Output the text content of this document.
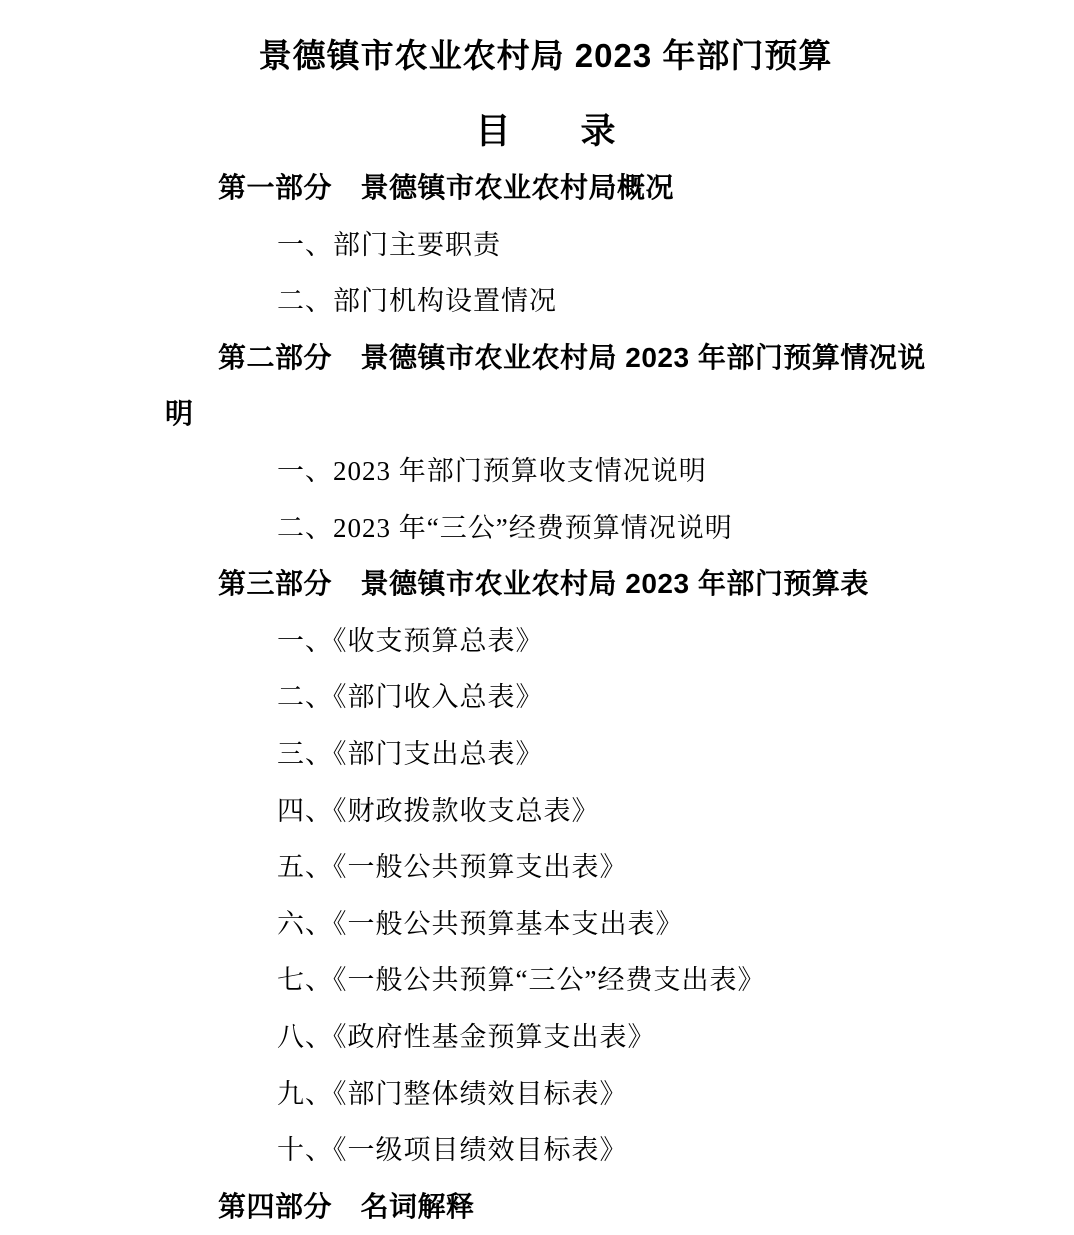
景德镇市农业农村局 2023 年部门预算
目　　录
第一部分　景德镇市农业农村局概况
一、部门主要职责
二、部门机构设置情况
第二部分　景德镇市农业农村局 2023 年部门预算情况说
明
一、2023 年部门预算收支情况说明
二、2023 年“三公”经费预算情况说明
第三部分　景德镇市农业农村局 2023 年部门预算表
一、《收支预算总表》
二、《部门收入总表》
三、《部门支出总表》
四、《财政拨款收支总表》
五、《一般公共预算支出表》
六、《一般公共预算基本支出表》
七、《一般公共预算“三公”经费支出表》
八、《政府性基金预算支出表》
九、《部门整体绩效目标表》
十、《一级项目绩效目标表》
第四部分　名词解释
